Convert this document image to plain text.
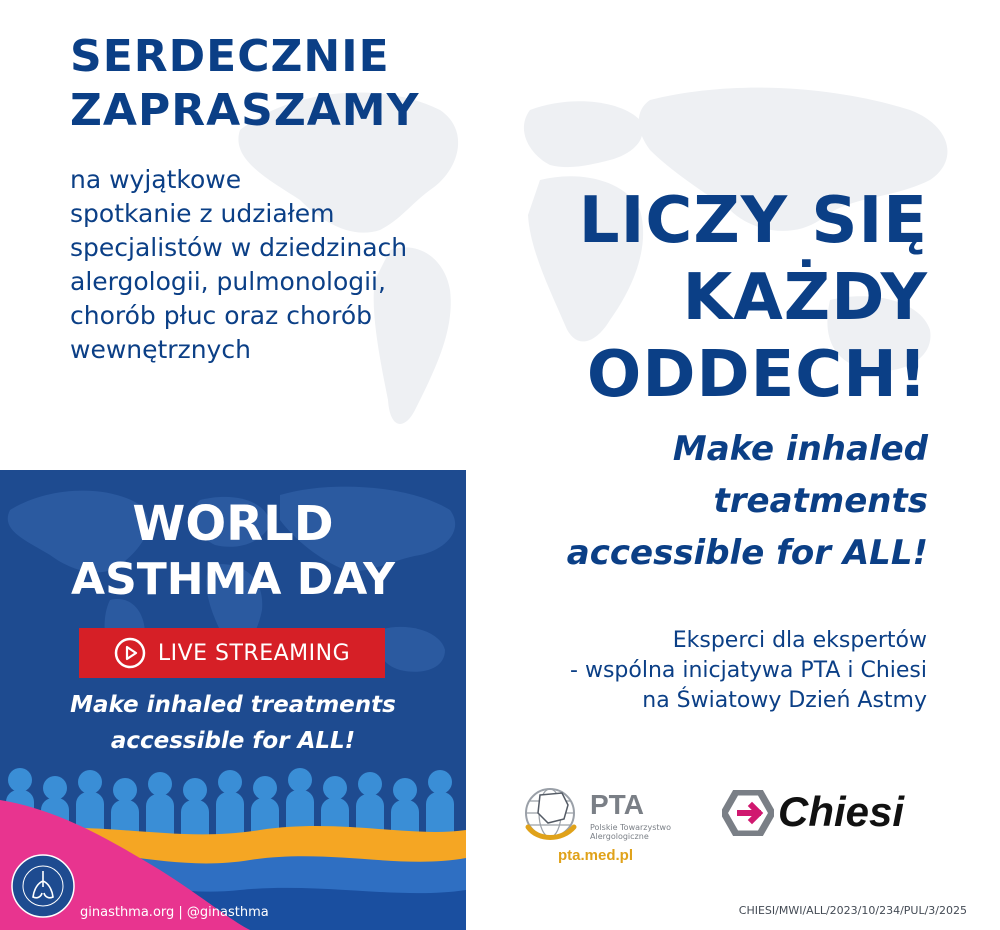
SERDECZNIE
ZAPRASZAMY
na wyjątkowe
spotkanie z udziałem
specjalistów w dziedzinach
alergologii, pulmonologii,
chorób płuc oraz chorób
wewnętrznych
LICZY SIĘ
KAŻDY
ODDECH!
Make inhaled
treatments
accessible for ALL!
Eksperci dla ekspertów
- wspólna inicjatywa PTA i Chiesi
na Światowy Dzień Astmy
WORLD
ASTHMA DAY
LIVE STREAMING
Make inhaled treatments
accessible for ALL!
ginasthma.org | @ginasthma
PTA
Polskie Towarzystwo
Alergologiczne
pta.med.pl
Chiesi
CHIESI/MWI/ALL/2023/10/234/PUL/3/2025
